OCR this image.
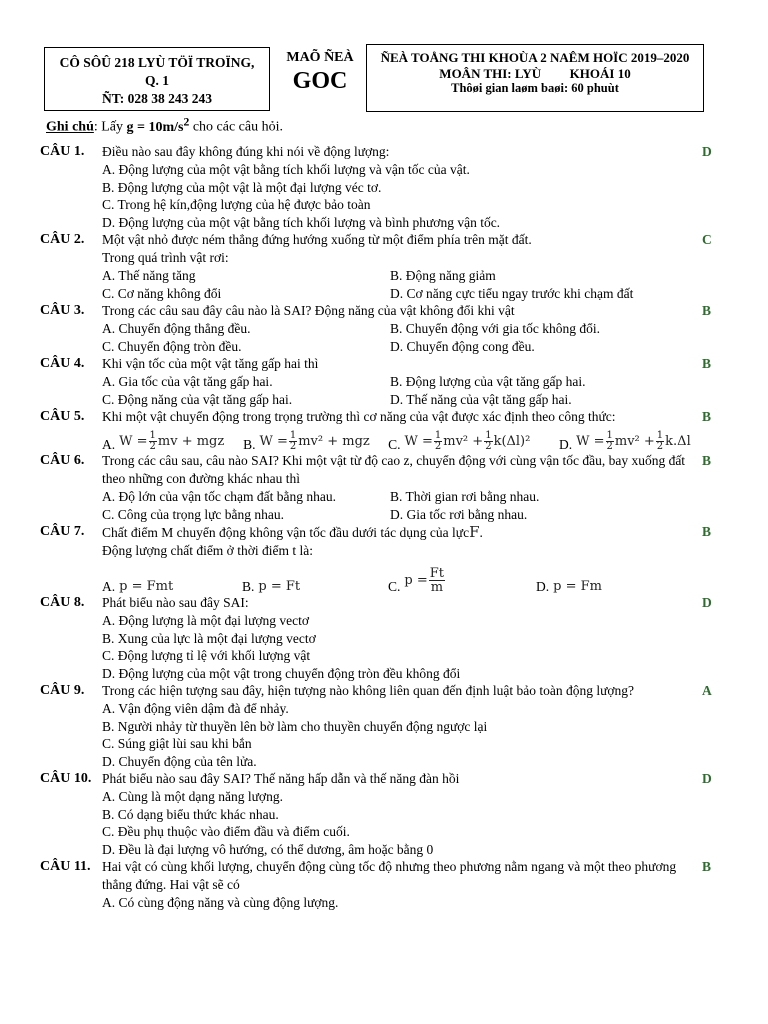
CÔ SÔÛ 218 LYÙ TÖÏ TROÏNG,
Q. 1
ÑT: 028 38 243 243
MAÕ ÑEÀ
GOC
ÑEÀ TOÅNG THI KHOÙA 2 NAÊM HOÏC 2019–2020
MOÂN THI: LYÙ KHOÁI 10
Thôøi gian laøm baøi: 60 phuùt
Ghi chú: Lấy $g = 10m/s^2$ cho các câu hỏi.
CÂU 1.	D
Điều nào sau đây không đúng khi nói về động lượng:
A. Động lượng của một vật bằng tích khối lượng và vận tốc của vật.
B. Động lượng của một vật là một đại lượng véc tơ.
C. Trong hệ kín,động lượng của hệ được bảo toàn
D. Động lượng của một vật bằng tích khối lượng và bình phương vận tốc.
CÂU 2.	C
Một vật nhỏ được ném thẳng đứng hướng xuống từ một điểm phía trên mặt đất.
Trong quá trình vật rơi:
A. Thế năng tăng	B. Động năng giảm
C. Cơ năng không đổi	D. Cơ năng cực tiểu ngay trước khi chạm đất
CÂU 3.	B
Trong các câu sau đây câu nào là SAI? Động năng của vật không đổi khi vật
A. Chuyển động thẳng đều.	B. Chuyển động với gia tốc không đổi.
C. Chuyển động tròn đều.	D. Chuyển động cong đều.
CÂU 4.	B
Khi vận tốc của một vật tăng gấp hai thì
A. Gia tốc của vật tăng gấp hai.	B. Động lượng của vật tăng gấp hai.
C. Động năng của vật tăng gấp hai.	D. Thế năng của vật tăng gấp hai.
CÂU 5.	B
Khi một vật chuyển động trong trọng trường thì cơ năng của vật được xác định theo công thức:
A. $W = \frac{1}{2}$ mv + mgz B. $W = \frac{1}{2} mv^2$ + mgz C. $W = \frac{1}{2} mv^2 + \frac{1}{2} k(\Delta l)^2$ D. $W = \frac{1}{2} mv^2 + \frac{1}{2} k.\Delta l$
CÂU 6.	B
Trong các câu sau, câu nào SAI? Khi một vật từ độ cao z, chuyển động với cùng vận tốc đầu, bay xuống đất theo những con đường khác nhau thì
A. Độ lớn của vận tốc chạm đất bằng nhau.	B. Thời gian rơi bằng nhau.
C. Công của trọng lực bằng nhau.	D. Gia tốc rơi bằng nhau.
CÂU 7.	B
Chất điểm M chuyển động không vận tốc đầu dưới tác dụng của lựcF.
Động lượng chất điểm ở thời điểm t là:
A. p = Fmt	B. p = Ft	C. $p = \frac{Ft}{m}$	D. p = Fm
CÂU 8.	D
Phát biểu nào sau đây SAI:
A. Động lượng là một đại lượng vectơ
B. Xung của lực là một đại lượng vectơ
C. Động lượng tỉ lệ với khối lượng vật
D. Động lượng của một vật trong chuyển động tròn đều không đổi
CÂU 9.	A
Trong các hiện tượng sau đây, hiện tượng nào không liên quan đến định luật bảo toàn động lượng?
A. Vận động viên dậm đà để nhảy.
B. Người nhảy từ thuyền lên bờ làm cho thuyền chuyển động ngược lại
C. Súng giật lùi sau khi bắn
D. Chuyển động của tên lửa.
CÂU 10.	D
Phát biểu nào sau đây SAI? Thế năng hấp dẫn và thế năng đàn hồi
A. Cùng là một dạng năng lượng.
B. Có dạng biểu thức khác nhau.
C. Đều phụ thuộc vào điểm đầu và điểm cuối.
D. Đều là đại lượng vô hướng, có thể dương, âm hoặc bằng 0
CÂU 11.	B
Hai vật có cùng khối lượng, chuyển động cùng tốc độ nhưng theo phương nằm ngang và một theo phương thẳng đứng. Hai vật sẽ có
A. Có cùng động năng và cùng động lượng.
